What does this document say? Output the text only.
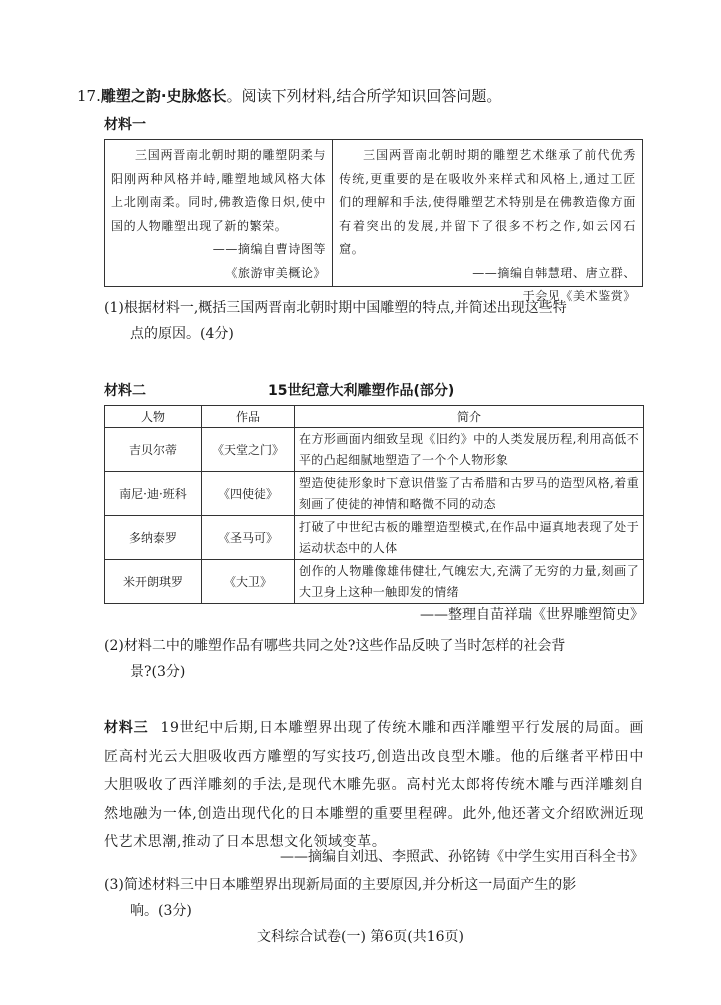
17.雕塑之韵·史脉悠长。阅读下列材料,结合所学知识回答问题。
材料一
三国两晋南北朝时期的雕塑阴柔与阳刚两种风格并峙,雕塑地域风格大体上北刚南柔。同时,佛教造像日炽,使中国的人物雕塑出现了新的繁荣。
——摘编自曹诗图等
《旅游审美概论》
三国两晋南北朝时期的雕塑艺术继承了前代优秀传统,更重要的是在吸收外来样式和风格上,通过工匠们的理解和手法,使得雕塑艺术特别是在佛教造像方面有着突出的发展,并留下了很多不朽之作,如云冈石窟。
——摘编自韩慧珺、唐立群、
于会见《美术鉴赏》
(1)根据材料一,概括三国两晋南北朝时期中国雕塑的特点,并简述出现这些特
点的原因。(4分)
材料二	15世纪意大利雕塑作品(部分)
人物	作品	简介
吉贝尔蒂	《天堂之门》	在方形画面内细致呈现《旧约》中的人类发展历程,利用高低不平的凸起细腻地塑造了一个个人物形象
南尼·迪·班科	《四使徒》	塑造使徒形象时下意识借鉴了古希腊和古罗马的造型风格,着重刻画了使徒的神情和略微不同的动态
多纳泰罗	《圣马可》	打破了中世纪古板的雕塑造型模式,在作品中逼真地表现了处于运动状态中的人体
米开朗琪罗	《大卫》	创作的人物雕像雄伟健壮,气魄宏大,充满了无穷的力量,刻画了大卫身上这种一触即发的情绪
——整理自苗祥瑞《世界雕塑简史》
(2)材料二中的雕塑作品有哪些共同之处?这些作品反映了当时怎样的社会背
景?(3分)
材料三 19世纪中后期,日本雕塑界出现了传统木雕和西洋雕塑平行发展的局面。画匠高村光云大胆吸收西方雕塑的写实技巧,创造出改良型木雕。他的后继者平栉田中大胆吸收了西洋雕刻的手法,是现代木雕先驱。高村光太郎将传统木雕与西洋雕刻自然地融为一体,创造出现代化的日本雕塑的重要里程碑。此外,他还著文介绍欧洲近现代艺术思潮,推动了日本思想文化领域变革。
——摘编自刘迅、李照武、孙铭铸《中学生实用百科全书》
(3)简述材料三中日本雕塑界出现新局面的主要原因,并分析这一局面产生的影
响。(3分)
文科综合试卷(一) 第6页(共16页)
